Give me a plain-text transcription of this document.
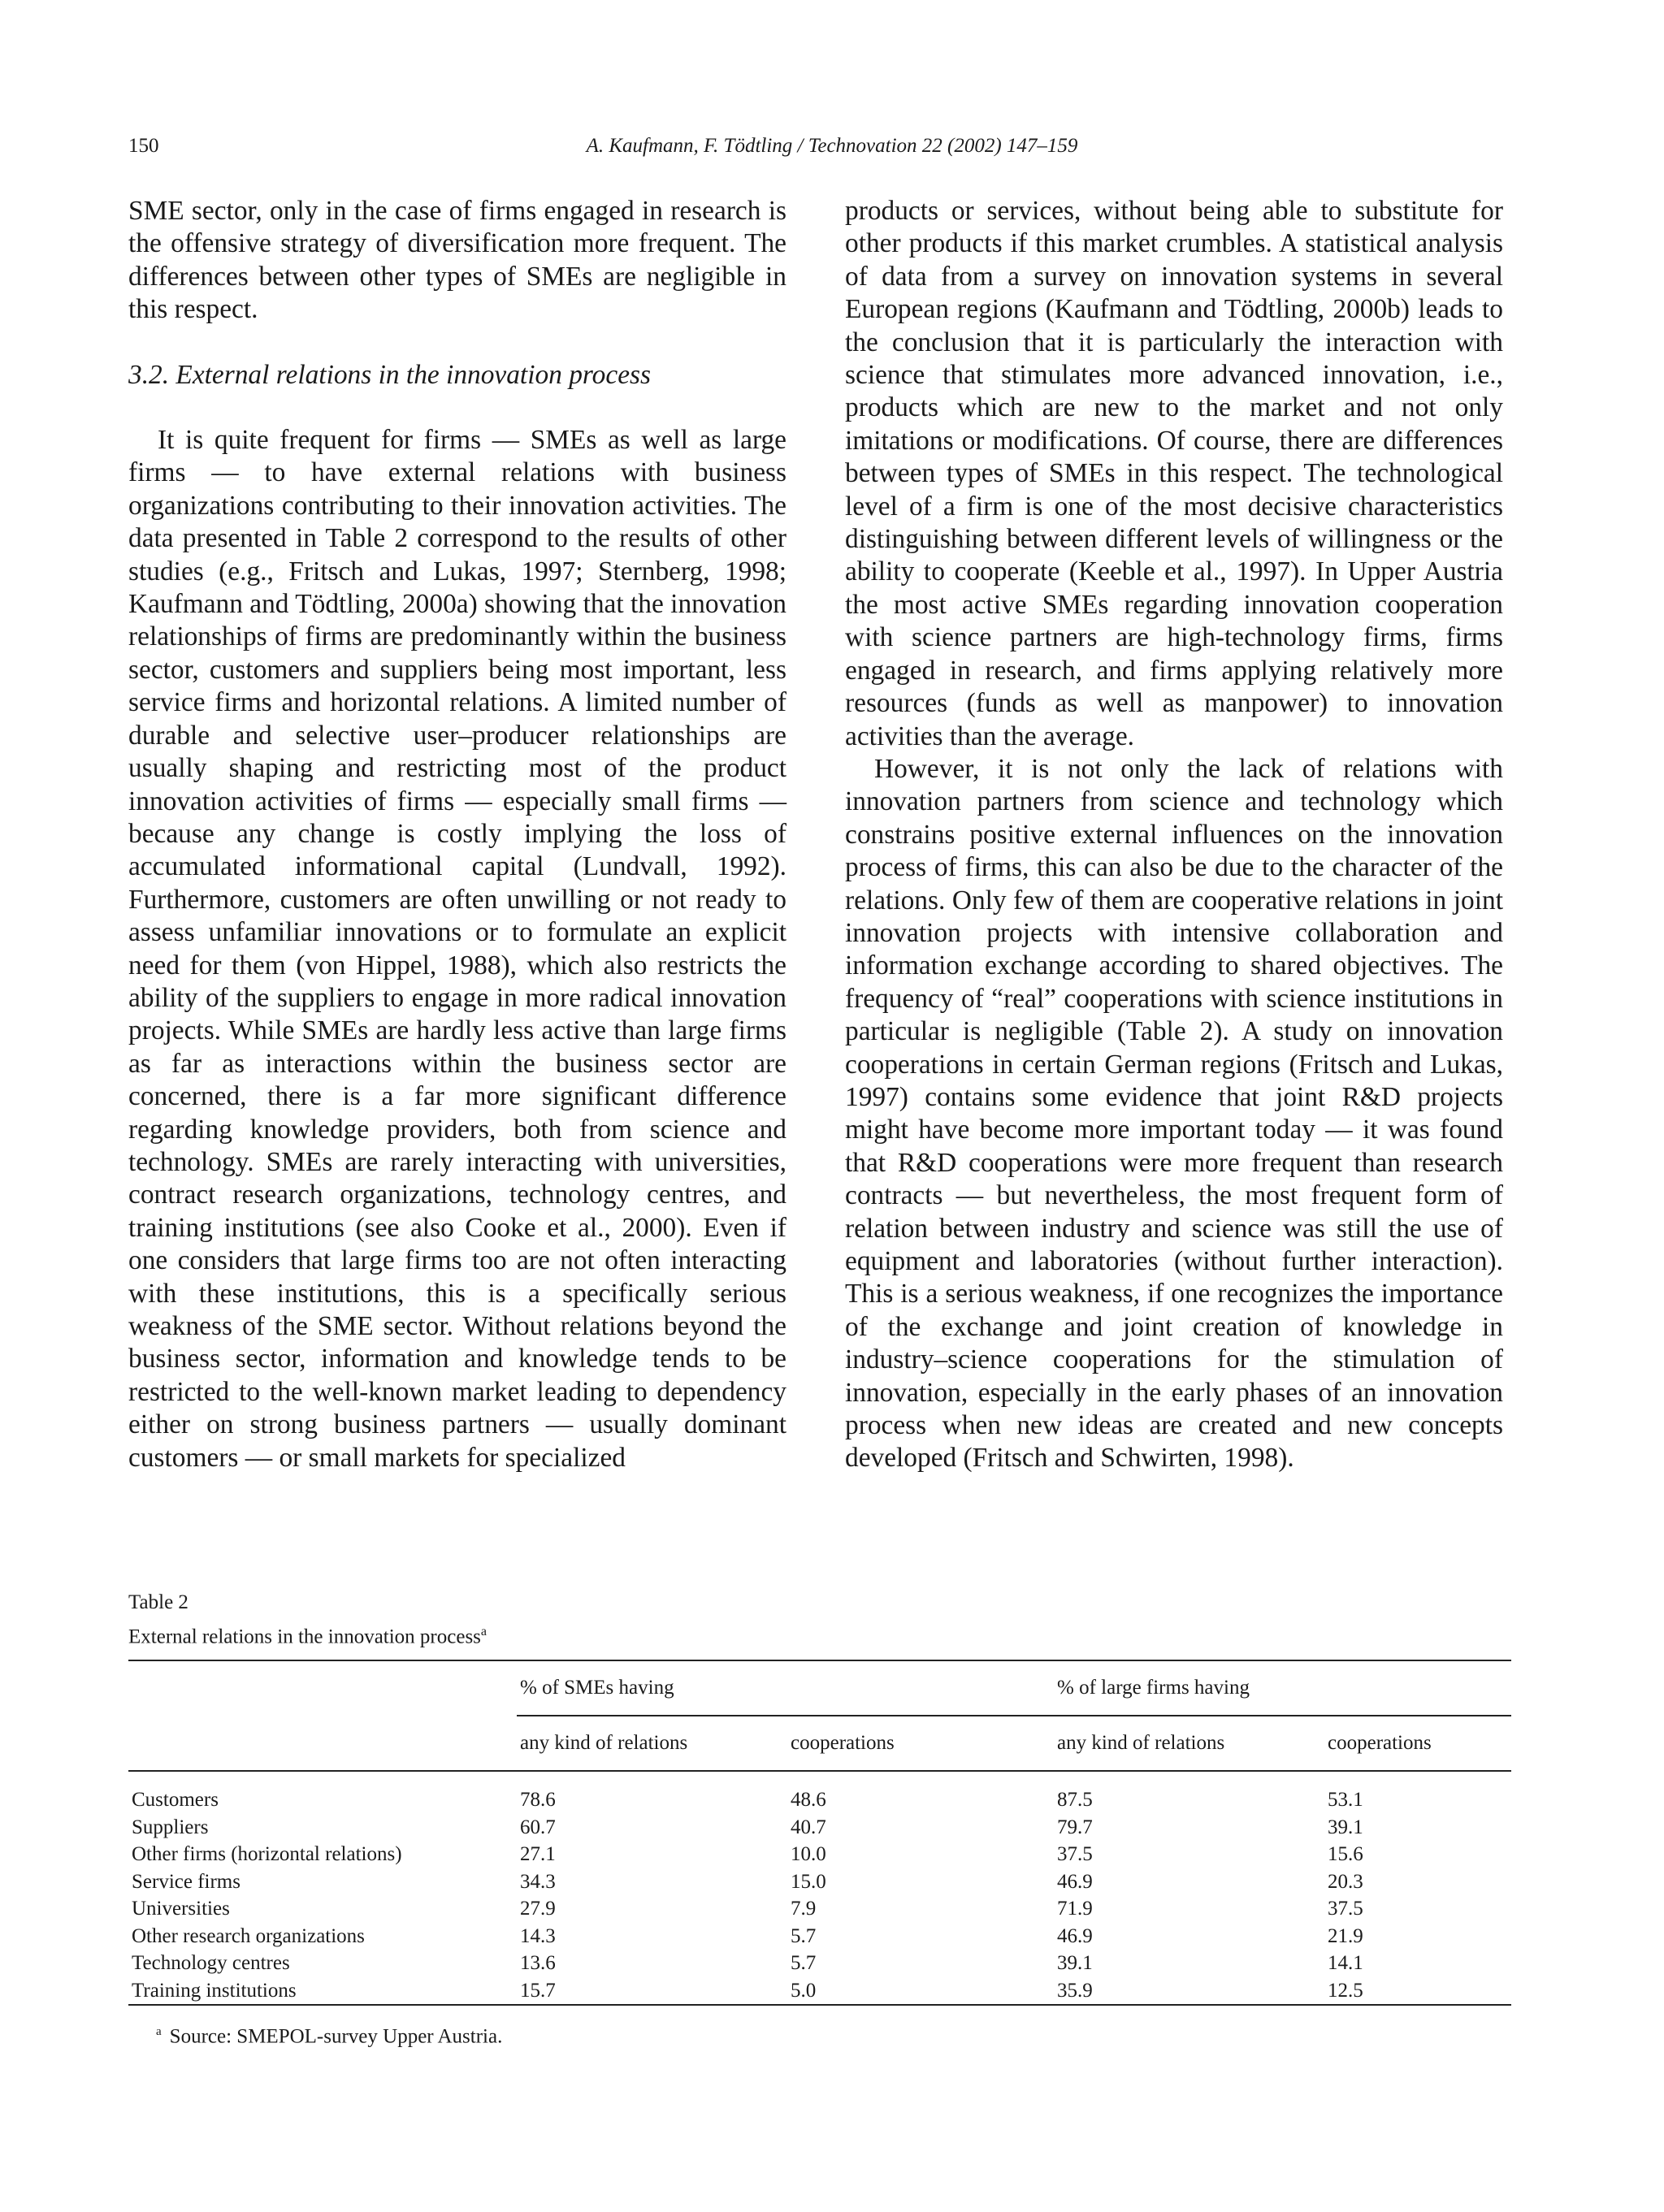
150	A. Kaufmann, F. Tödtling / Technovation 22 (2002) 147–159

SME sector, only in the case of firms engaged in research is the offensive strategy of diversification more frequent. The differences between other types of SMEs are negligible in this respect.

3.2. External relations in the innovation process

It is quite frequent for firms — SMEs as well as large firms — to have external relations with business organizations contributing to their innovation activities. The data presented in Table 2 correspond to the results of other studies (e.g., Fritsch and Lukas, 1997; Sternberg, 1998; Kaufmann and Tödtling, 2000a) showing that the innovation relationships of firms are predominantly within the business sector, customers and suppliers being most important, less service firms and horizontal relations. A limited number of durable and selective user–producer relationships are usually shaping and restricting most of the product innovation activities of firms — especially small firms — because any change is costly implying the loss of accumulated informational capital (Lundvall, 1992). Furthermore, customers are often unwilling or not ready to assess unfamiliar innovations or to formulate an explicit need for them (von Hippel, 1988), which also restricts the ability of the suppliers to engage in more radical innovation projects. While SMEs are hardly less active than large firms as far as interactions within the business sector are concerned, there is a far more significant difference regarding knowledge providers, both from science and technology. SMEs are rarely interacting with universities, contract research organizations, technology centres, and training institutions (see also Cooke et al., 2000). Even if one considers that large firms too are not often interacting with these institutions, this is a specifically serious weakness of the SME sector. Without relations beyond the business sector, information and knowledge tends to be restricted to the well-known market leading to dependency either on strong business partners — usually dominant customers — or small markets for specialized

products or services, without being able to substitute for other products if this market crumbles. A statistical analysis of data from a survey on innovation systems in several European regions (Kaufmann and Tödtling, 2000b) leads to the conclusion that it is particularly the interaction with science that stimulates more advanced innovation, i.e., products which are new to the market and not only imitations or modifications. Of course, there are differences between types of SMEs in this respect. The technological level of a firm is one of the most decisive characteristics distinguishing between different levels of willingness or the ability to cooperate (Keeble et al., 1997). In Upper Austria the most active SMEs regarding innovation cooperation with science partners are high-technology firms, firms engaged in research, and firms applying relatively more resources (funds as well as manpower) to innovation activities than the average.

However, it is not only the lack of relations with innovation partners from science and technology which constrains positive external influences on the innovation process of firms, this can also be due to the character of the relations. Only few of them are cooperative relations in joint innovation projects with intensive collaboration and information exchange according to shared objectives. The frequency of “real” cooperations with science institutions in particular is negligible (Table 2). A study on innovation cooperations in certain German regions (Fritsch and Lukas, 1997) contains some evidence that joint R&D projects might have become more important today — it was found that R&D cooperations were more frequent than research contracts — but nevertheless, the most frequent form of relation between industry and science was still the use of equipment and laboratories (without further interaction). This is a serious weakness, if one recognizes the importance of the exchange and joint creation of knowledge in industry–science cooperations for the stimulation of innovation, especially in the early phases of an innovation process when new ideas are created and new concepts developed (Fritsch and Schwirten, 1998).

Table 2
External relations in the innovation process$^a$
	% of SMEs having		% of large firms having	
	any kind of relations	cooperations	any kind of relations	cooperations

Customers	78.6	48.6	87.5	53.1
Suppliers	60.7	40.7	79.7	39.1
Other firms (horizontal relations)	27.1	10.0	37.5	15.6
Service firms	34.3	15.0	46.9	20.3
Universities	27.9	7.9	71.9	37.5
Other research organizations	14.3	5.7	46.9	21.9
Technology centres	13.6	5.7	39.1	14.1
Training institutions	15.7	5.0	35.9	12.5
$^a$ Source: SMEPOL-survey Upper Austria.
